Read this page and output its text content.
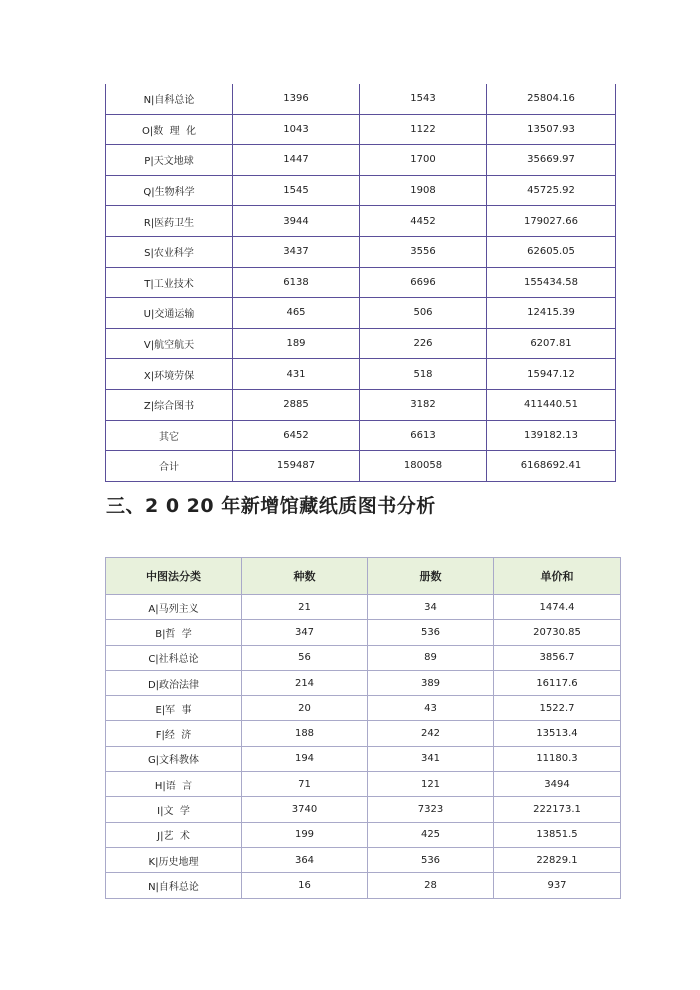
N|自科总论	1396	1543	25804.16
O|数  理  化	1043	1122	13507.93
P|天文地球	1447	1700	35669.97
Q|生物科学	1545	1908	45725.92
R|医药卫生	3944	4452	179027.66
S|农业科学	3437	3556	62605.05
T|工业技术	6138	6696	155434.58
U|交通运输	465	506	12415.39
V|航空航天	189	226	6207.81
X|环境劳保	431	518	15947.12
Z|综合图书	2885	3182	411440.51
其它	6452	6613	139182.13
合计	159487	180058	6168692.41
三、2 0 20 年新增馆藏纸质图书分析
中图法分类	种数	册数	单价和
A|马列主义	21	34	1474.4
B|哲  学	347	536	20730.85
C|社科总论	56	89	3856.7
D|政治法律	214	389	16117.6
E|军  事	20	43	1522.7
F|经  济	188	242	13513.4
G|文科教体	194	341	11180.3
H|语  言	71	121	3494
I|文  学	3740	7323	222173.1
J|艺  术	199	425	13851.5
K|历史地理	364	536	22829.1
N|自科总论	16	28	937
